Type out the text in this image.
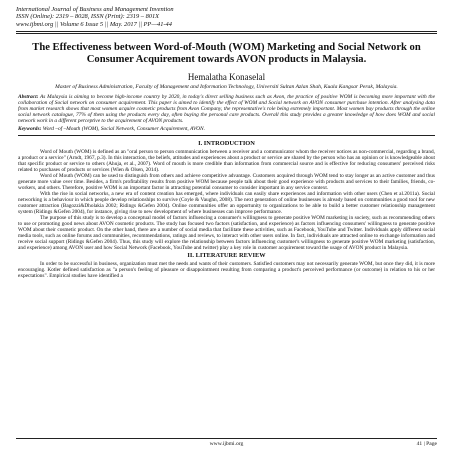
International Journal of Business and Management Invention
ISSN (Online): 2319 – 8028, ISSN (Print): 2319 – 801X
www.ijbmi.org || Volume 6 Issue 5 || May. 2017 || PP—41-44
The Effectiveness between Word-of-Mouth (WOM) Marketing and Social Network on Consumer Acquirement towards AVON products in Malaysia.
Hemalatha Konaselal
Master of Business Administration, Faculty of Management and Information Technology, Universiti Sultan Azlan Shah, Kuala Kangsar Perak, Malaysia.
Abstract: As Malaysia is aiming to become high-income country by 2020, in today's direct selling business such as Avon, the practice of positive WOM is becoming more important with the collaboration of Social network on consumer acquirement. This paper is aimed to identify the effect of WOM and Social network on AVON consumer purchase intention. After analysing data from market research shows that most women acquire cosmetic products from Avon Company, the representative's role being extremely important. Most women buy products through the online social network catalogue, 77% of them using the products every day, often buying the personal care products. Overall this study provides a greater knowledge of how does WOM and social network work in a different perceptive to the acquirement of AVON products.
Keywords: Word –of –Mouth (WOM), Social Network, Consumer Acquirement, AVON.
I. INTRODUCTION

Word of Mouth (WOM) is defined as an "oral person to person communication between a receiver and a communicator whom the receiver notices as non-commercial, regarding a brand, a product or a service" (Arndt, 1967, p.3). In this interaction, the beliefs, attitudes and experiences about a product or service are shared by the person who has an opinion or is knowledgeable about that specific product or service to others (Ahuja, et al., 2007). Word of mouth is more credible than information from commercial source and is effective for reducing consumers' perceived risks related to purchases of products or services (Wien & Olsen, 2014).

Word of Mouth (WOM) can be used to distinguish from others and achieve competitive advantage. Customers acquired through WOM tend to stay longer as an active customer and thus generate more value over time. Besides, a firm's profitability results from positive WOM because people talk about their good experience with products and services to their families, friends, co-workers, and others. Therefore, positive WOM is an important factor in attracting potential consumer to consider important in any service context.

With the rise in social networks, a new era of content creation has emerged, where individuals can easily share experiences and information with other users (Chen et al.2011a). Social networking is a behaviour in which people develop relationships to survive (Coyle & Vaughn, 2008). The next generation of online businesses is already based on communities a good tool for new customer attraction (Bagozzi&Dholakia 2002; Ridings &Gefen 2004). Online communities offer an opportunity to organizations to be able to build a better customer relationship management system (Ridings &Gefen 2004), for instance, giving rise to new development of where businesses can improve performance.

The purpose of this study is to develop a conceptual model of factors influencing a consumer's willingness to generate positive WOM marketing in society, such as recommending others to use or promoting good news about AVON cosmetic products. The study has focused two factors (satisfaction, and experience) as factors influencing consumers' willingness to generate positive WOM about their cosmetic product. On the other hand, there are a number of social media that facilitate these activities, such as Facebook, YouTube and Twitter. Individuals apply different social media tools, such as online forums and communities, recommendations, ratings and reviews, to interact with other users online. In fact, individuals are attracted online to exchange information and receive social support (Ridings &Gefen 2004). Thus, this study will explore the relationship between factors influencing customer's willingness to generate positive WOM marketing (satisfaction, and experience) among AVON user and how Social Network (Facebook, YouTube and twitter) play a key role in customer acquirement toward the usage of AVON product in Malaysia.

II. LITERATURE REVIEW

In order to be successful in business, organization must met the needs and wants of their customers. Satisfied customers may not necessarily generate WOM, but once they did, it is more encouraging. Kotler defined satisfaction as "a person's feeling of pleasure or disappointment resulting from comparing a product's perceived performance (or outcome) in relation to his or her expectations". Empirical studies have identified a

www.ijbmi.org	41 | Page
